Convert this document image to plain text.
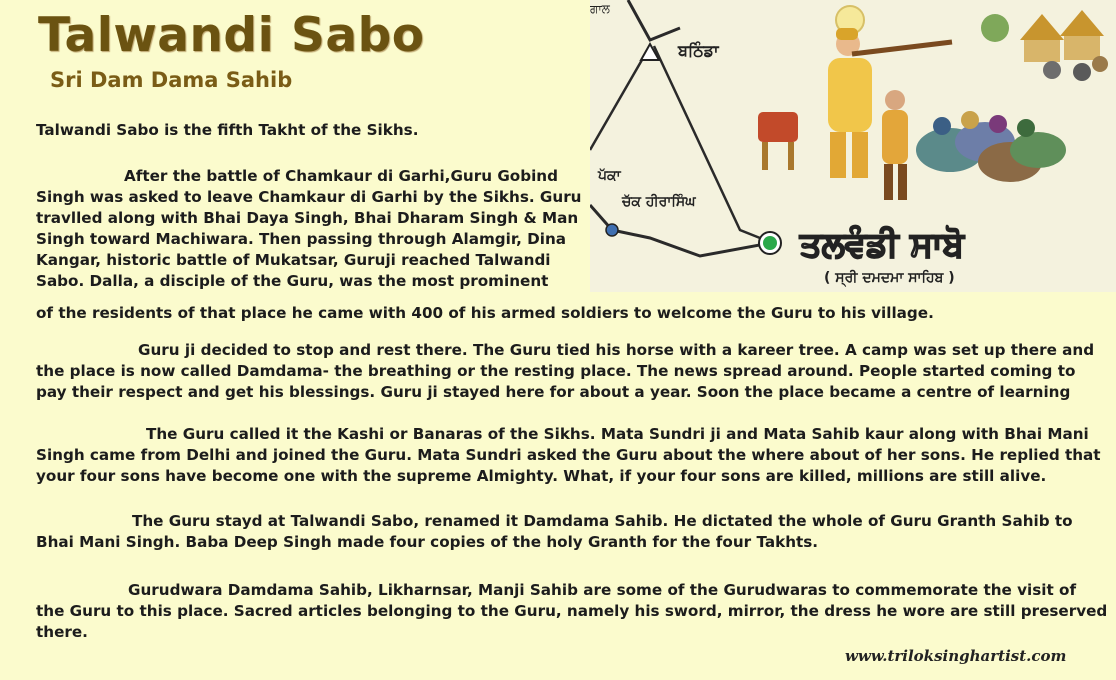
Talwandi Sabo
Sri Dam Dama Sahib
ਗਾਲ
ਬਠਿੰਡਾ
ਪੱਕਾ
ਚੱਕ ਹੀਰਾਸਿੰਘ
ਤਲਵੰਡੀ ਸਾਬੋ
( ਸ੍ਰੀ ਦਮਦਮਾ ਸਾਹਿਬ )

Talwandi Sabo is the fifth Takht of the Sikhs.

After the battle of Chamkaur di Garhi,Guru Gobind Singh was asked to leave Chamkaur di Garhi by the Sikhs. Guru travlled along with Bhai Daya Singh, Bhai Dharam Singh & Man Singh toward Machiwara. Then passing through Alamgir, Dina Kangar, historic battle of Mukatsar, Guruji reached Talwandi Sabo. Dalla, a disciple of the Guru, was the most prominent

of the residents of that place he came with 400 of his armed soldiers to welcome the Guru to his village.

Guru ji decided to stop and rest there. The Guru tied his horse with a kareer tree. A camp was set up there and the place is now called Damdama- the breathing or the resting place. The news spread around. People started coming to pay their respect and get his blessings. Guru ji stayed here for about a year. Soon the place became a centre of learning

The Guru called it the Kashi or Banaras of the Sikhs. Mata Sundri ji and Mata Sahib kaur along with Bhai Mani Singh came from Delhi and joined the Guru. Mata Sundri asked the Guru about the where about of her sons. He replied that your four sons have become one with the supreme Almighty. What, if your four sons are killed, millions are still alive.

The Guru stayd at Talwandi Sabo, renamed it Damdama Sahib. He dictated the whole of Guru Granth Sahib to Bhai Mani Singh. Baba Deep Singh made four copies of the holy Granth for the four Takhts.

Gurudwara Damdama Sahib, Likharnsar, Manji Sahib are some of the Gurudwaras to commemorate the visit of the Guru to this place. Sacred articles belonging to the Guru, namely his sword, mirror, the dress he wore are still preserved there.

www.triloksinghartist.com
